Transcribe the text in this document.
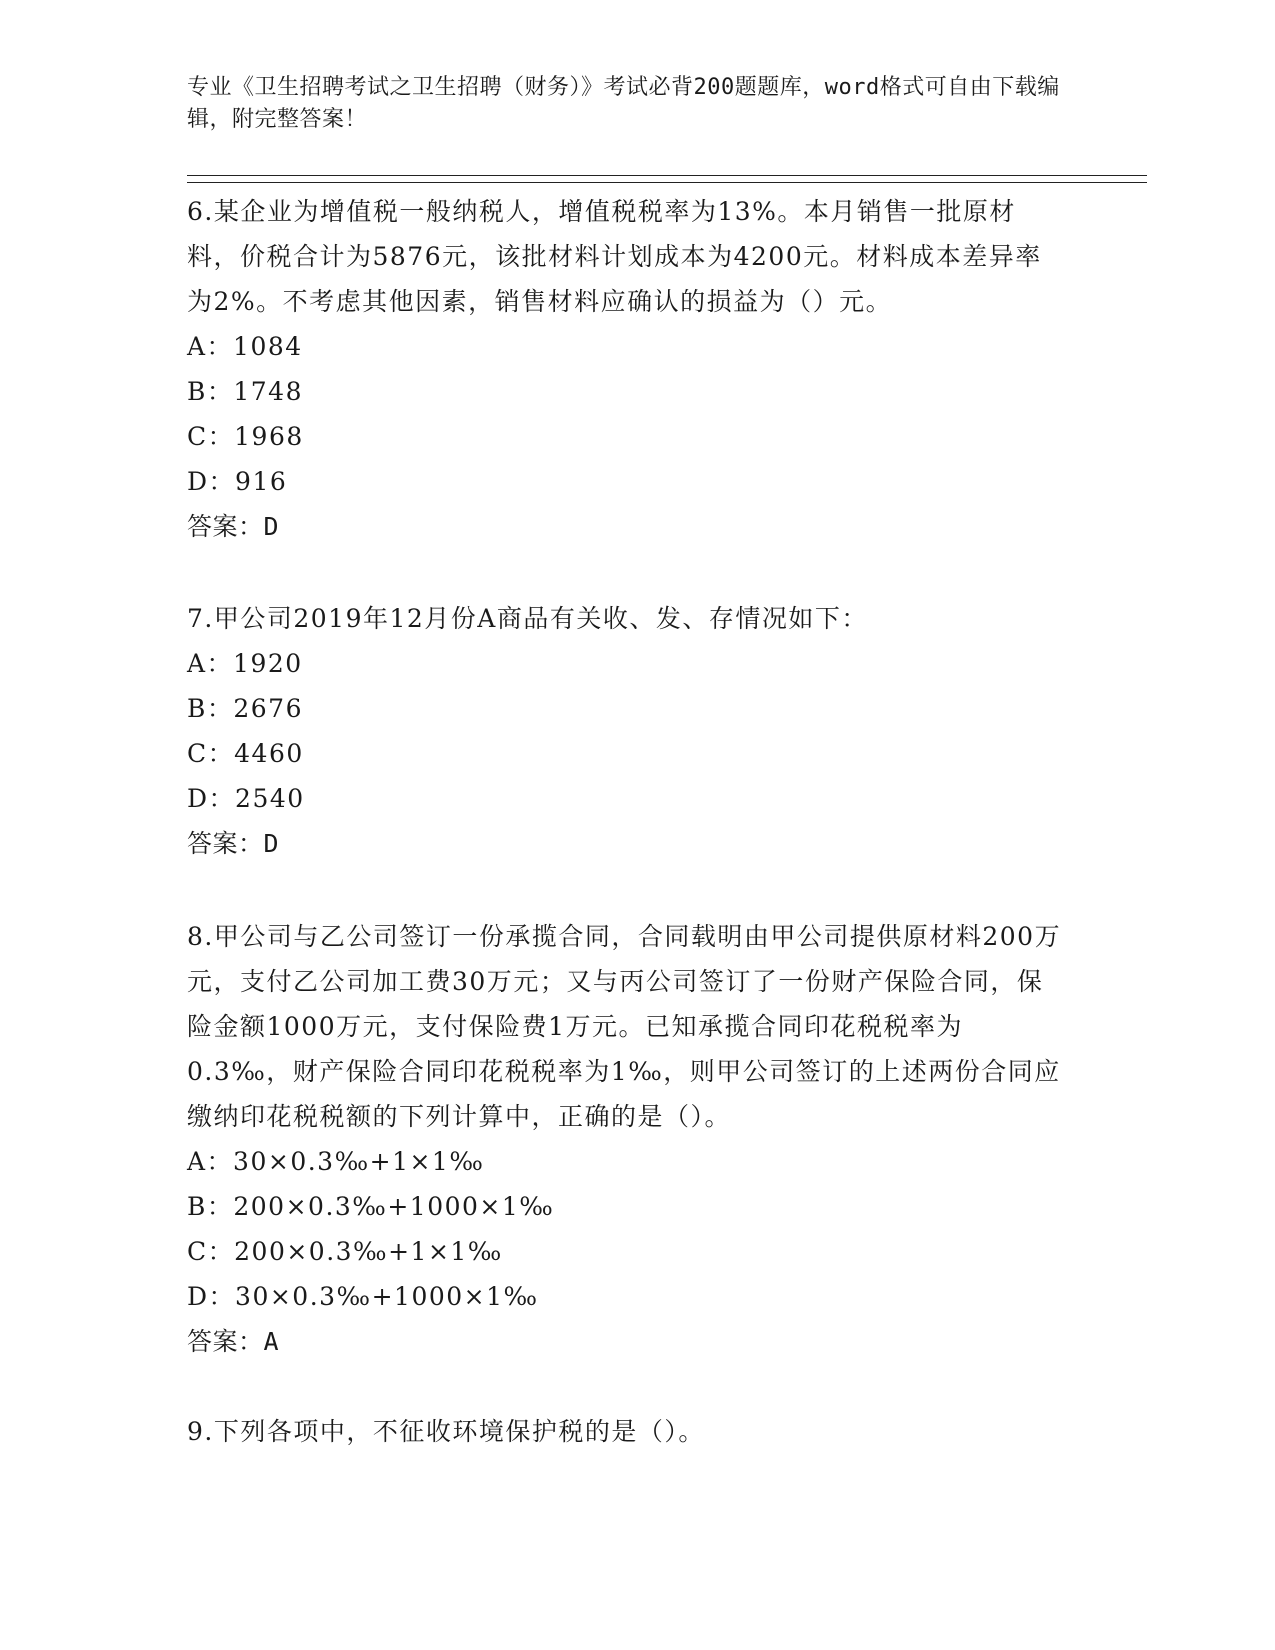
专业《卫生招聘考试之卫生招聘（财务）》考试必背200题题库，word格式可自由下载编辑，附完整答案！

6.某企业为增值税一般纳税人，增值税税率为13%。本月销售一批原材料，价税合计为5876元，该批材料计划成本为4200元。材料成本差异率为2%。不考虑其他因素，销售材料应确认的损益为（）元。

A：1084

B：1748

C：1968

D：916

答案：D

7.甲公司2019年12月份A商品有关收、发、存情况如下：

A：1920

B：2676

C：4460

D：2540

答案：D

8.甲公司与乙公司签订一份承揽合同，合同载明由甲公司提供原材料200万元，支付乙公司加工费30万元；又与丙公司签订了一份财产保险合同，保险金额1000万元，支付保险费1万元。已知承揽合同印花税税率为0.3‰，财产保险合同印花税税率为1‰，则甲公司签订的上述两份合同应缴纳印花税税额的下列计算中，正确的是（）。

A：30×0.3‰+1×1‰

B：200×0.3‰+1000×1‰

C：200×0.3‰+1×1‰

D：30×0.3‰+1000×1‰

答案：A

9.下列各项中，不征收环境保护税的是（）。
